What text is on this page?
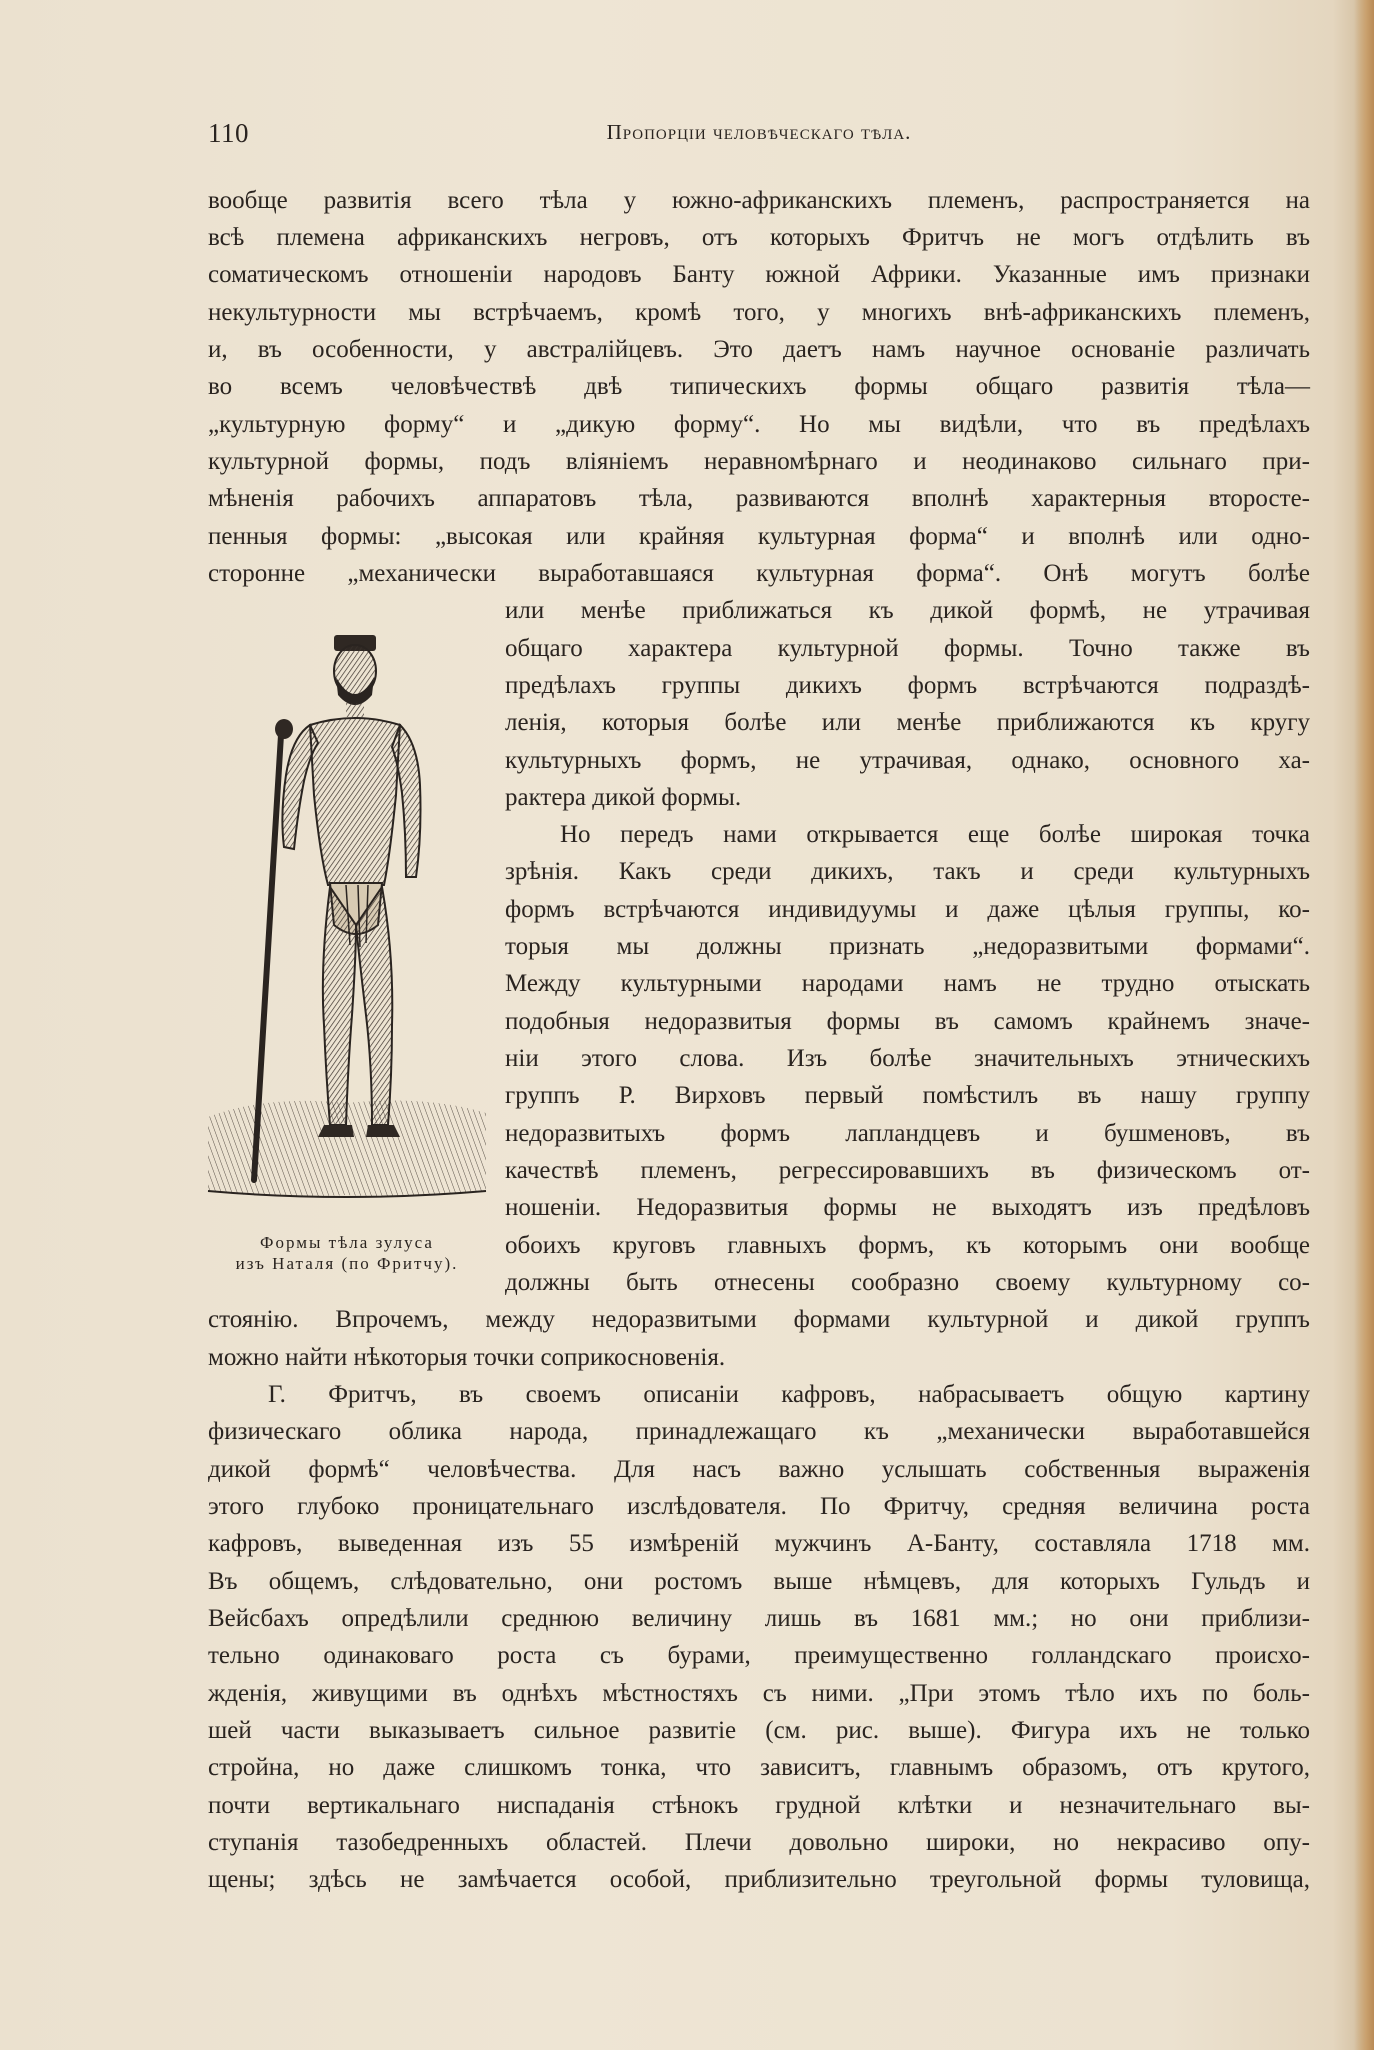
110	Пропорціи человѣческаго тѣла.
вообще развитія всего тѣла у южно-африканскихъ племенъ, распространяется на
всѣ племена африканскихъ негровъ, отъ которыхъ Фритчъ не могъ отдѣлить въ
соматическомъ отношеніи народовъ Банту южной Африки. Указанные имъ признаки
некультурности мы встрѣчаемъ, кромѣ того, у многихъ внѣ-африканскихъ племенъ,
и, въ особенности, у австралійцевъ. Это даетъ намъ научное основаніе различать
во всемъ человѣчествѣ двѣ типическихъ формы общаго развитія тѣла—
„культурную форму“ и „дикую форму“. Но мы видѣли, что въ предѣлахъ
культурной формы, подъ вліяніемъ неравномѣрнаго и неодинаково сильнаго при-
мѣненія рабочихъ аппаратовъ тѣла, развиваются вполнѣ характерныя второсте-
пенныя формы: „высокая или крайняя культурная форма“ и вполнѣ или одно-
сторонне „механически выработавшаяся культурная форма“. Онѣ могутъ болѣе
или менѣе приближаться къ дикой формѣ, не утрачивая
общаго характера культурной формы. Точно также въ
предѣлахъ группы дикихъ формъ встрѣчаются подраздѣ-
ленія, которыя болѣе или менѣе приближаются къ кругу
культурныхъ формъ, не утрачивая, однако, основного ха-
рактера дикой формы.
Но передъ нами открывается еще болѣе широкая точка
зрѣнія. Какъ среди дикихъ, такъ и среди культурныхъ
формъ встрѣчаются индивидуумы и даже цѣлыя группы, ко-
торыя мы должны признать „недоразвитыми формами“.
Между культурными народами намъ не трудно отыскать
подобныя недоразвитыя формы въ самомъ крайнемъ значе-
ніи этого слова. Изъ болѣе значительныхъ этническихъ
группъ Р. Вирховъ первый помѣстилъ въ нашу группу
недоразвитыхъ формъ лапландцевъ и бушменовъ, въ
качествѣ племенъ, регрессировавшихъ въ физическомъ от-
ношеніи. Недоразвитыя формы не выходятъ изъ предѣловъ
обоихъ круговъ главныхъ формъ, къ которымъ они вообще
должны быть отнесены сообразно своему культурному со-
стоянію. Впрочемъ, между недоразвитыми формами культурной и дикой группъ
можно найти нѣкоторыя точки соприкосновенія.
Г. Фритчъ, въ своемъ описаніи кафровъ, набрасываетъ общую картину
физическаго облика народа, принадлежащаго къ „механически выработавшейся
дикой формѣ“ человѣчества. Для насъ важно услышать собственныя выраженія
этого глубоко проницательнаго изслѣдователя. По Фритчу, средняя величина роста
кафровъ, выведенная изъ 55 измѣреній мужчинъ А-Банту, составляла 1718 мм.
Въ общемъ, слѣдовательно, они ростомъ выше нѣмцевъ, для которыхъ Гульдъ и
Вейсбахъ опредѣлили среднюю величину лишь въ 1681 мм.; но они приблизи-
тельно одинаковаго роста съ бурами, преимущественно голландскаго происхо-
жденія, живущими въ однѣхъ мѣстностяхъ съ ними. „При этомъ тѣло ихъ по боль-
шей части выказываетъ сильное развитіе (см. рис. выше). Фигура ихъ не только
стройна, но даже слишкомъ тонка, что зависитъ, главнымъ образомъ, отъ крутого,
почти вертикальнаго ниспаданія стѣнокъ грудной клѣтки и незначительнаго вы-
ступанія тазобедренныхъ областей. Плечи довольно широки, но некрасиво опу-
щены; здѣсь не замѣчается особой, приблизительно треугольной формы туловища,
Формы тѣла зулуса
изъ Наталя (по Фритчу).
